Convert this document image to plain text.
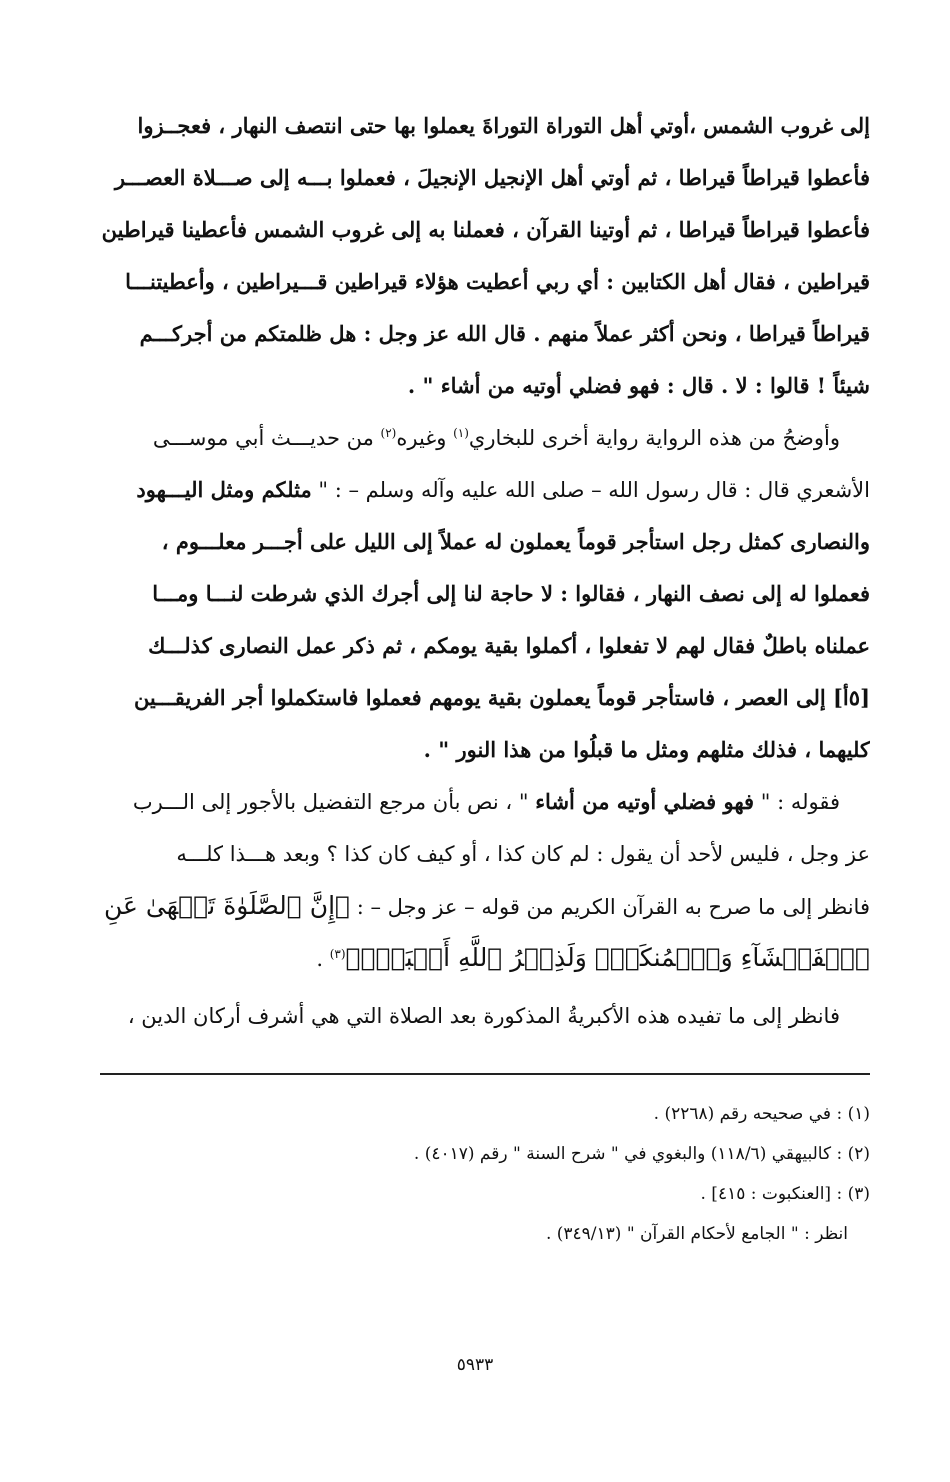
إلى غروب الشمس ،أوتي أهل التوراة التوراةَ يعملوا بها حتى انتصف النهار ، فعجــزوا
فأعطوا قيراطاً قيراطا ، ثم أوتي أهل الإنجيل الإنجيلَ ، فعملوا بـــه إلى صـــلاة العصـــر
فأعطوا قيراطاً قيراطا ، ثم أوتينا القرآن ، فعملنا به إلى غروب الشمس فأعطينا قيراطين
قيراطين ، فقال أهل الكتابين : أي ربي أعطيت هؤلاء قيراطين قـــيراطين ، وأعطيتنـــا
قيراطاً قيراطا ، ونحن أكثر عملاً منهم . قال الله عز وجل : هل ظلمتكم من أجركـــم
شيئاً ! قالوا : لا . قال : فهو فضلي أوتيه من أشاء " .
وأوضحُ من هذه الرواية رواية أخرى للبخاري$^{(١)}$ وغيره$^{(٢)}$ من حديـــث أبي موســـى
الأشعري قال : قال رسول الله – صلى الله عليه وآله وسلم – : " مثلكم ومثل اليـــهود
والنصارى كمثل رجل استأجر قوماً يعملون له عملاً إلى الليل على أجـــر معلـــوم ،
فعملوا له إلى نصف النهار ، فقالوا : لا حاجة لنا إلى أجرك الذي شرطت لنـــا ومـــا
عملناه باطلٌ فقال لهم لا تفعلوا ، أكملوا بقية يومكم ، ثم ذكر عمل النصارى كذلـــك
[٥أ] إلى العصر ، فاستأجر قوماً يعملون بقية يومهم فعملوا فاستكملوا أجر الفريقـــين
كليهما ، فذلك مثلهم ومثل ما قبلُوا من هذا النور " .
فقوله : " فهو فضلي أوتيه من أشاء " ، نص بأن مرجع التفضيل بالأجور إلى الـــرب
عز وجل ، فليس لأحد أن يقول : لم كان كذا ، أو كيف كان كذا ؟ وبعد هـــذا كلـــه
فانظر إلى ما صرح به القرآن الكريم من قوله – عز وجل – : ﴿إِنَّ ٱلصَّلَوٰةَ تَنۡهَىٰ عَنِ
ٱلۡفَحۡشَآءِ وَٱلۡمُنكَرِۗ وَلَذِكۡرُ ٱللَّهِ أَكۡبَرُۗ﴾$^{(٣)}$ .
فانظر إلى ما تفيده هذه الأكبريةُ المذكورة بعد الصلاة التي هي أشرف أركان الدين ،
(١) : في صحيحه رقم (٢٢٦٨) .
(٢) : كالبيهقي (١١٨/٦) والبغوي في " شرح السنة " رقم (٤٠١٧) .
(٣) : [العنكبوت : ٤١٥] .
انظر : " الجامع لأحكام القرآن " (٣٤٩/١٣) .
٥٩٣٣
